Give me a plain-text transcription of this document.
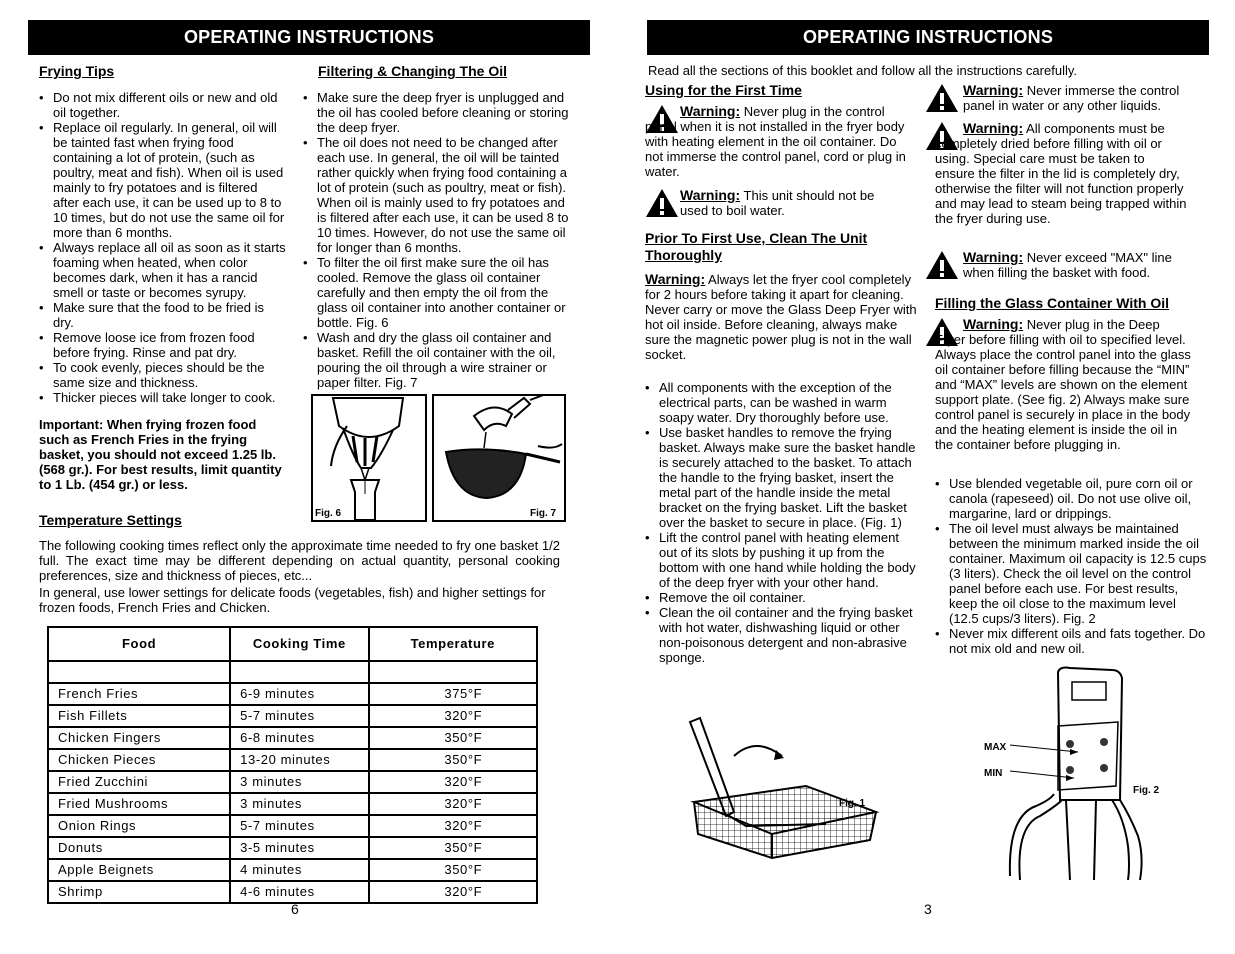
OPERATING INSTRUCTIONS
Frying Tips
• Do not mix different oils or new and old oil together.
• Replace oil regularly. In general, oil will be tainted fast when frying food containing a lot of protein, (such as poultry, meat and fish). When oil is used mainly to fry potatoes and is filtered after each use, it can be used up to 8 to 10 times, but do not use the same oil for more than 6 months.
• Always replace all oil as soon as it starts foaming when heated, when color becomes dark, when it has a rancid smell or taste or becomes syrupy.
• Make sure that the food to be fried is dry.
• Remove loose ice from frozen food before frying. Rinse and pat dry.
• To cook evenly, pieces should be the same size and thickness.
• Thicker pieces will take longer to cook.

Important: When frying frozen food such as French Fries in the frying basket, you should not exceed 1.25 lb. (568 gr.). For best results, limit quantity to 1 Lb. (454 gr.) or less.

Filtering & Changing The Oil
• Make sure the deep fryer is unplugged and the oil has cooled before cleaning or storing the deep fryer.
• The oil does not need to be changed after each use. In general, the oil will be tainted rather quickly when frying food containing a lot of protein (such as poultry, meat or fish). When oil is mainly used to fry potatoes and is filtered after each use, it can be used 8 to 10 times. However, do not use the same oil for longer than 6 months.
• To filter the oil first make sure the oil has cooled. Remove the glass oil container carefully and then empty the oil from the glass oil container into another container or bottle. Fig. 6
• Wash and dry the glass oil container and basket. Refill the oil container with the oil, pouring the oil through a wire strainer or paper filter. Fig. 7
Fig. 6	Fig. 7
Temperature Settings

The following cooking times reflect only the approximate time needed to fry one basket 1/2 full. The exact time may be different depending on actual quantity, personal cooking preferences, size and thickness of pieces, etc...

In general, use lower settings for delicate foods (vegetables, fish) and higher settings for frozen foods, French Fries and Chicken.

Food	Cooking Time	Temperature

French Fries	6-9 minutes	375°F
Fish Fillets	5-7 minutes	320°F
Chicken Fingers	6-8 minutes	350°F
Chicken Pieces	13-20 minutes	350°F
Fried Zucchini	3 minutes	320°F
Fried Mushrooms	3 minutes	320°F
Onion Rings	5-7 minutes	320°F
Donuts	3-5 minutes	350°F
Apple Beignets	4 minutes	350°F
Shrimp	4-6 minutes	320°F
6
OPERATING INSTRUCTIONS

Read all the sections of this booklet and follow all the instructions carefully.

Using for the First Time

Warning: Never plug in the control panel when it is not installed in the fryer body with heating element in the oil container. Do not immerse the control panel, cord or plug in water.

Warning: This unit should not be used to boil water.

Prior To First Use, Clean The Unit
Thoroughly

Warning: Always let the fryer cool completely for 2 hours before taking it apart for cleaning. Never carry or move the Glass Deep Fryer with hot oil inside. Before cleaning, always make sure the magnetic power plug is not in the wall socket.

• All components with the exception of the electrical parts, can be washed in warm soapy water. Dry thoroughly before use.
• Use basket handles to remove the frying basket. Always make sure the basket handle is securely attached to the basket. To attach the handle to the frying basket, insert the metal part of the handle inside the metal bracket on the frying basket. Lift the basket over the basket to secure in place. (Fig. 1)
• Lift the control panel with heating element out of its slots by pushing it up from the bottom with one hand while holding the body of the deep fryer with your other hand.
• Remove the oil container.
• Clean the oil container and the frying basket with hot water, dishwashing liquid or other non-poisonous detergent and non-abrasive sponge.
Fig. 1

Warning: Never immerse the control panel in water or any other liquids.

Warning: All components must be completely dried before filling with oil or using. Special care must be taken to ensure the filter in the lid is completely dry, otherwise the filter will not function properly and may lead to steam being trapped within the fryer during use.

Warning: Never exceed "MAX" line when filling the basket with food.

Filling the Glass Container With Oil

Warning: Never plug in the Deep Fryer before filling with oil to specified level. Always place the control panel into the glass oil container before filling because the “MIN” and “MAX” levels are shown on the element support plate. (See fig. 2) Always make sure control panel is securely in place in the body and the heating element is inside the oil in the container before plugging in.

• Use blended vegetable oil, pure corn oil or canola (rapeseed) oil. Do not use olive oil, margarine, lard or drippings.
• The oil level must always be maintained between the minimum marked inside the oil container. Maximum oil capacity is 12.5 cups (3 liters). Check the oil level on the control panel before each use. For best results, keep the oil close to the maximum level (12.5 cups/3 liters). Fig. 2
• Never mix different oils and fats together. Do not mix old and new oil.
MAX
MIN
Fig. 2
3
